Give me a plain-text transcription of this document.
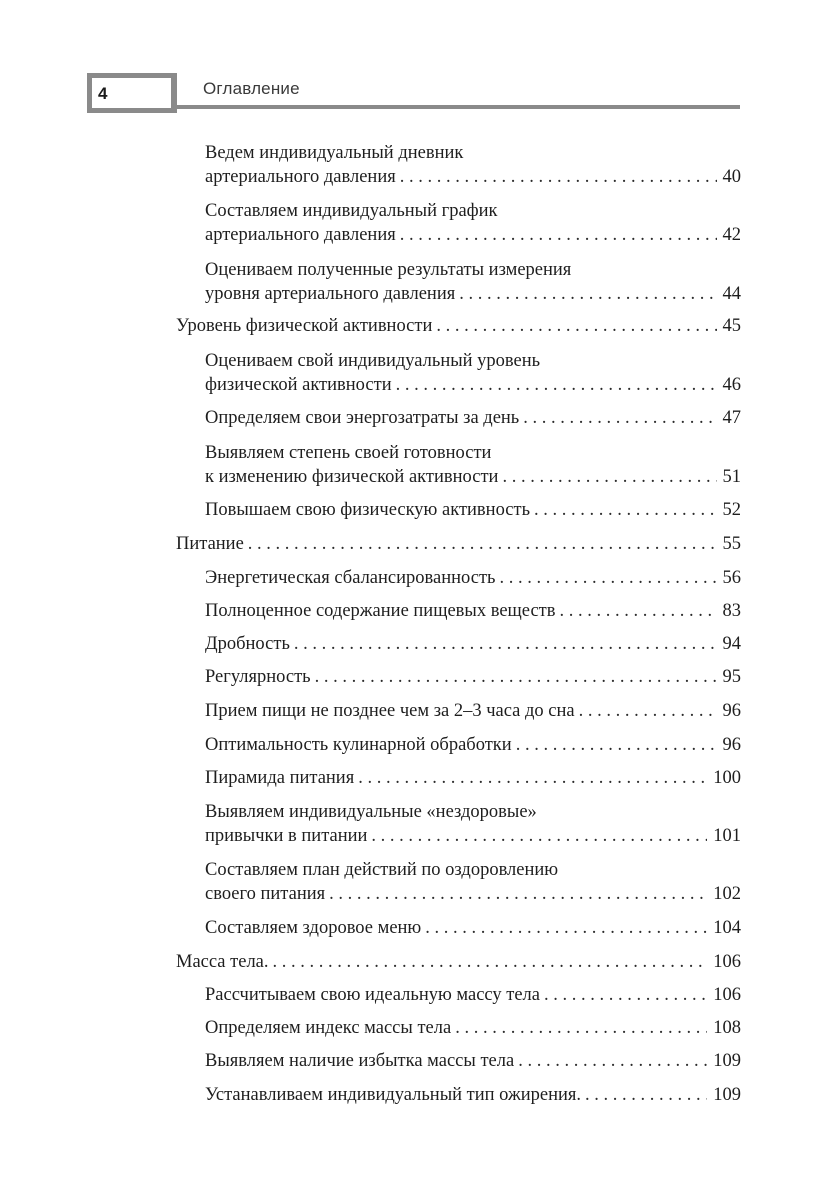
4	Оглавление
Ведем индивидуальный дневник
артериального давления . . .	40
Составляем индивидуальный график
артериального давления . . .	42
Оцениваем полученные результаты измерения
уровня артериального давления . . .	44
Уровень физической активности . . .	45
Оцениваем свой индивидуальный уровень
физической активности . . .	46
Определяем свои энергозатраты за день . . .	47
Выявляем степень своей готовности
к изменению физической активности . . .	51
Повышаем свою физическую активность . . .	52
Питание . . .	55
Энергетическая сбалансированность . . .	56
Полноценное содержание пищевых веществ . . .	83
Дробность . . .	94
Регулярность . . .	95
Прием пищи не позднее чем за 2–3 часа до сна . . .	96
Оптимальность кулинарной обработки . . .	96
Пирамида питания . . .	100
Выявляем индивидуальные «нездоровые»
привычки в питании . . .	101
Составляем план действий по оздоровлению
своего питания . . .	102
Составляем здоровое меню . . .	104
Масса тела. . . .	106
Рассчитываем свою идеальную массу тела . . .	106
Определяем индекс массы тела . . .	108
Выявляем наличие избытка массы тела . . .	109
Устанавливаем индивидуальный тип ожирения. . . .	109
